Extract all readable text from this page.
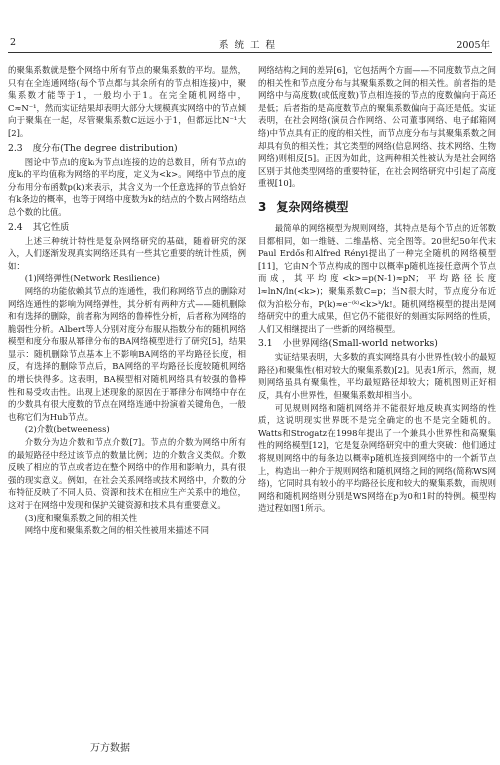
2	系统工程	2005年

的聚集系数就是整个网络中所有节点的聚集系数的平均。显然，只有在全连通网络(每个节点都与其余所有的节点相连接)中，聚集系数才能等于1，一般均小于1。在完全随机网络中，C≈N⁻¹，然而实证结果却表明大部分大规模真实网络中的节点倾向于聚集在一起，尽管聚集系数C远远小于1，但都远比N⁻¹大[2]。

2.3 度分布(The degree distribution)

图论中节点i的度kᵢ为节点i连接的边的总数目，所有节点i的度kᵢ的平均值称为网络的平均度，定义为<k>。网络中节点的度分布用分布函数p(k)来表示，其含义为一个任意选择的节点恰好有k条边的概率，也等于网络中度数为k的结点的个数占网络结点总个数的比值。

2.4 其它性质

上述三种统计特性是复杂网络研究的基础，随着研究的深入，人们逐渐发现真实网络还具有一些其它重要的统计性质，例如：

(1)网络弹性(Network Resilience)

网络的功能依赖其节点的连通性，我们称网络节点的删除对网络连通性的影响为网络弹性，其分析有两种方式——随机删除和有选择的删除，前者称为网络的鲁棒性分析，后者称为网络的脆弱性分析。Albert等人分别对度分布服从指数分布的随机网络模型和度分布服从幂律分布的BA网络模型进行了研究[5]，结果显示：随机删除节点基本上不影响BA网络的平均路径长度，相反，有选择的删除节点后，BA网络的平均路径长度较随机网络的增长快得多。这表明，BA模型相对随机网络具有较强的鲁棒性和易受攻击性。出现上述现象的原因在于幂律分布网络中存在的少数具有很大度数的节点在网络连通中扮演着关键角色，一般也称它们为Hub节点。

(2)介数(betweeness)

介数分为边介数和节点介数[7]。节点的介数为网络中所有的最短路径中经过该节点的数量比例；边的介数含义类似。介数反映了相应的节点或者边在整个网络中的作用和影响力，具有很强的现实意义。例如，在社会关系网络或技术网络中，介数的分布特征反映了不同人员、资源和技术在相应生产关系中的地位，这对于在网络中发现和保护关键资源和技术具有重要意义。

(3)度和聚集系数之间的相关性

网络中度和聚集系数之间的相关性被用来描述不同

网络结构之间的差异[6]，它包括两个方面——不同度数节点之间的相关性和节点度分布与其聚集系数之间的相关性。前者指的是网络中与高度数(或低度数)节点相连接的节点的度数偏向于高还是低；后者指的是高度数节点的聚集系数偏向于高还是低。实证表明，在社会网络(演员合作网络、公司董事网络、电子邮箱网络)中节点具有正的度的相关性，而节点度分布与其聚集系数之间却具有负的相关性；其它类型的网络(信息网络、技术网络、生物网络)则相反[5]。正因为如此，这两种相关性被认为是社会网络区别于其他类型网络的重要特征，在社会网络研究中引起了高度重视[10]。

3 复杂网络模型

最简单的网络模型为规则网络，其特点是每个节点的近邻数目都相同，如一维链、二维晶格、完全图等。20世纪50年代末Paul Erdős和Alfred Rényi提出了一种完全随机的网络模型[11]，它由N个节点构成的图中以概率p随机连接任意两个节点而成，其平均度<k>=p(N-1)≈pN；平均路径长度l≈lnN/ln(<k>)；聚集系数C=p；当N很大时，节点度分布近似为泊松分布，P(k)≈e⁻⁽ᵏ⁾<k>ᵏ/k!。随机网络模型的提出是网络研究中的重大成果，但它仍不能很好的刻画实际网络的性质，人们又相继提出了一些新的网络模型。

3.1 小世界网络(Small-world networks)

实证结果表明，大多数的真实网络具有小世界性(较小的最短路径)和聚集性(相对较大的聚集系数)[2]。见表1所示，然而，规则网络虽具有聚集性，平均最短路径却较大；随机图则正好相反，具有小世界性，但聚集系数却相当小。

可见规则网络和随机网络并不能很好地反映真实网络的性质，这说明现实世界既不是完全确定的也不是完全随机的。Watts和Strogatz在1998年提出了一个兼具小世界性和高聚集性的网络模型[12]，它是复杂网络研究中的重大突破：他们通过将规则网络中的每条边以概率p随机连接到网络中的一个新节点上，构造出一种介于规则网络和随机网络之间的网络(简称WS网络)，它同时具有较小的平均路径长度和较大的聚集系数，而规则网络和随机网络则分别是WS网络在p为0和1时的特例。模型构造过程如图1所示。

万方数据
